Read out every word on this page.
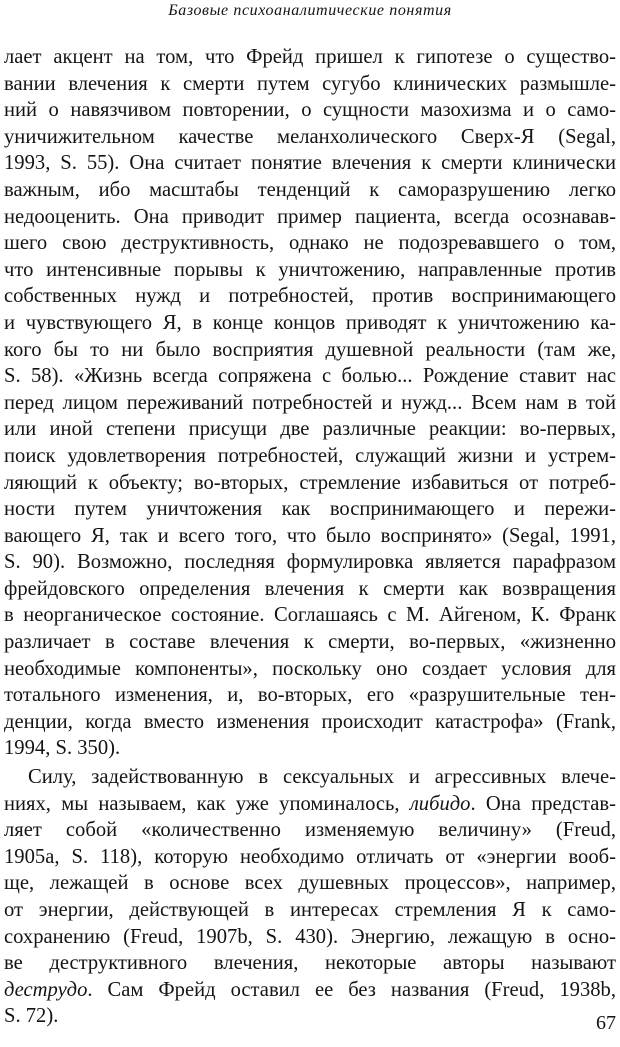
Базовые психоаналитические понятия
лает акцент на том, что Фрейд пришел к гипотезе о существо-
вании влечения к смерти путем сугубо клинических размышле-
ний о навязчивом повторении, о сущности мазохизма и о само-
уничижительном качестве меланхолического Сверх-Я (Segal,
1993, S. 55). Она считает понятие влечения к смерти клинически
важным, ибо масштабы тенденций к саморазрушению легко
недооценить. Она приводит пример пациента, всегда осознавав-
шего свою деструктивность, однако не подозревавшего о том,
что интенсивные порывы к уничтожению, направленные против
собственных нужд и потребностей, против воспринимающего
и чувствующего Я, в конце концов приводят к уничтожению ка-
кого бы то ни было восприятия душевной реальности (там же,
S. 58). «Жизнь всегда сопряжена с болью... Рождение ставит нас
перед лицом переживаний потребностей и нужд... Всем нам в той
или иной степени присущи две различные реакции: во-первых,
поиск удовлетворения потребностей, служащий жизни и устрем-
ляющий к объекту; во-вторых, стремление избавиться от потреб-
ности путем уничтожения как воспринимающего и пережи-
вающего Я, так и всего того, что было воспринято» (Segal, 1991,
S. 90). Возможно, последняя формулировка является парафразом
фрейдовского определения влечения к смерти как возвращения
в неорганическое состояние. Соглашаясь с М. Айгеном, К. Франк
различает в составе влечения к смерти, во-первых, «жизненно
необходимые компоненты», поскольку оно создает условия для
тотального изменения, и, во-вторых, его «разрушительные тен-
денции, когда вместо изменения происходит катастрофа» (Frank,
1994, S. 350).
Силу, задействованную в сексуальных и агрессивных влече-
ниях, мы называем, как уже упоминалось, либидо. Она представ-
ляет собой «количественно изменяемую величину» (Freud,
1905a, S. 118), которую необходимо отличать от «энергии вооб-
ще, лежащей в основе всех душевных процессов», например,
от энергии, действующей в интересах стремления Я к само-
сохранению (Freud, 1907b, S. 430). Энергию, лежащую в осно-
ве деструктивного влечения, некоторые авторы называют
деструдо. Сам Фрейд оставил ее без названия (Freud, 1938b,
S. 72).	67
